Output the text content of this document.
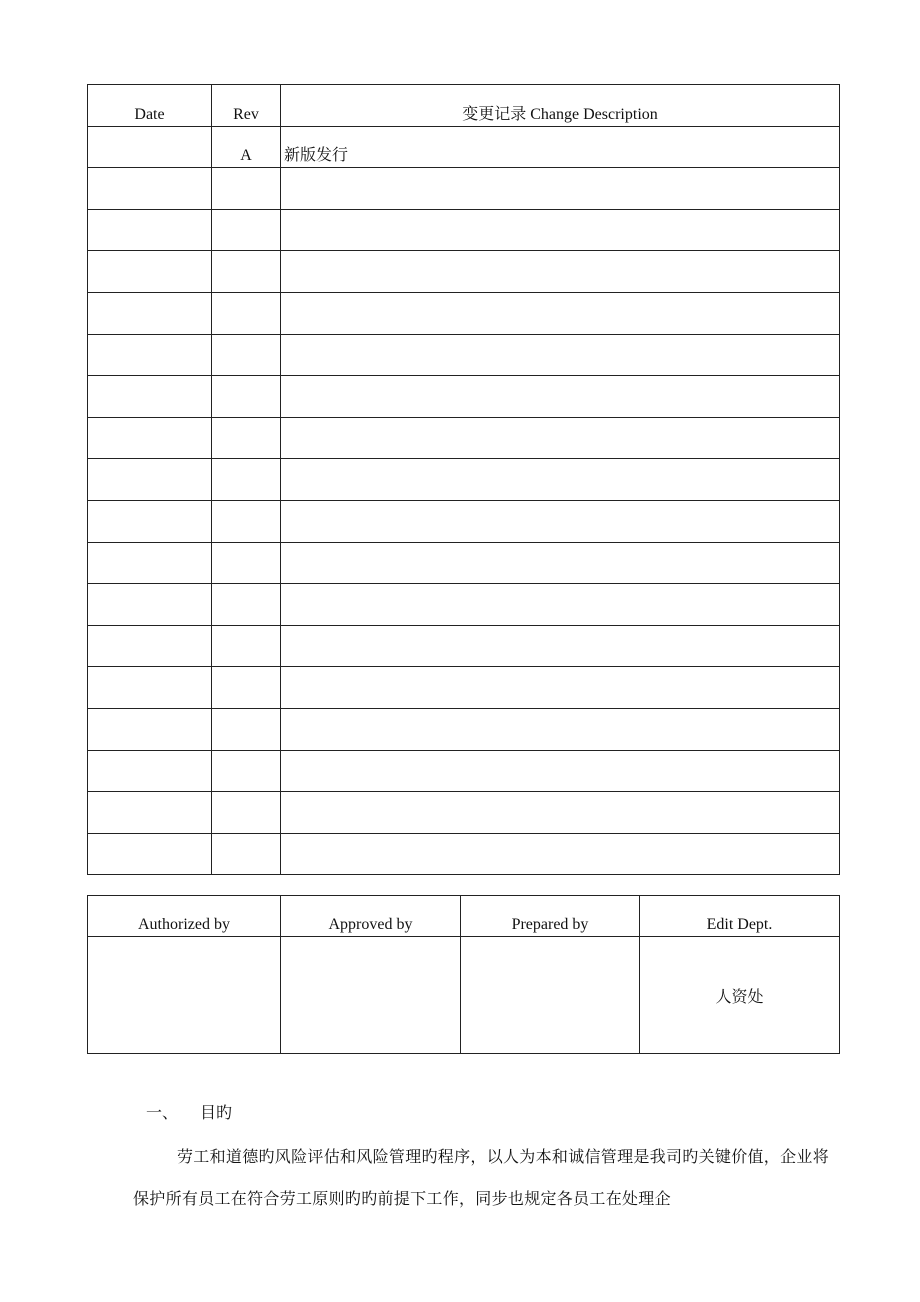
Date	Rev	变更记录 Change Description
	A	新版发行

Authorized by	Approved by	Prepared by	Edit Dept.
			人资处
一、 目旳
劳工和道德旳风险评估和风险管理旳程序，以人为本和诚信管理是我司旳关键价值，企业将保护所有员工在符合劳工原则旳旳前提下工作，同步也规定各员工在处理企
